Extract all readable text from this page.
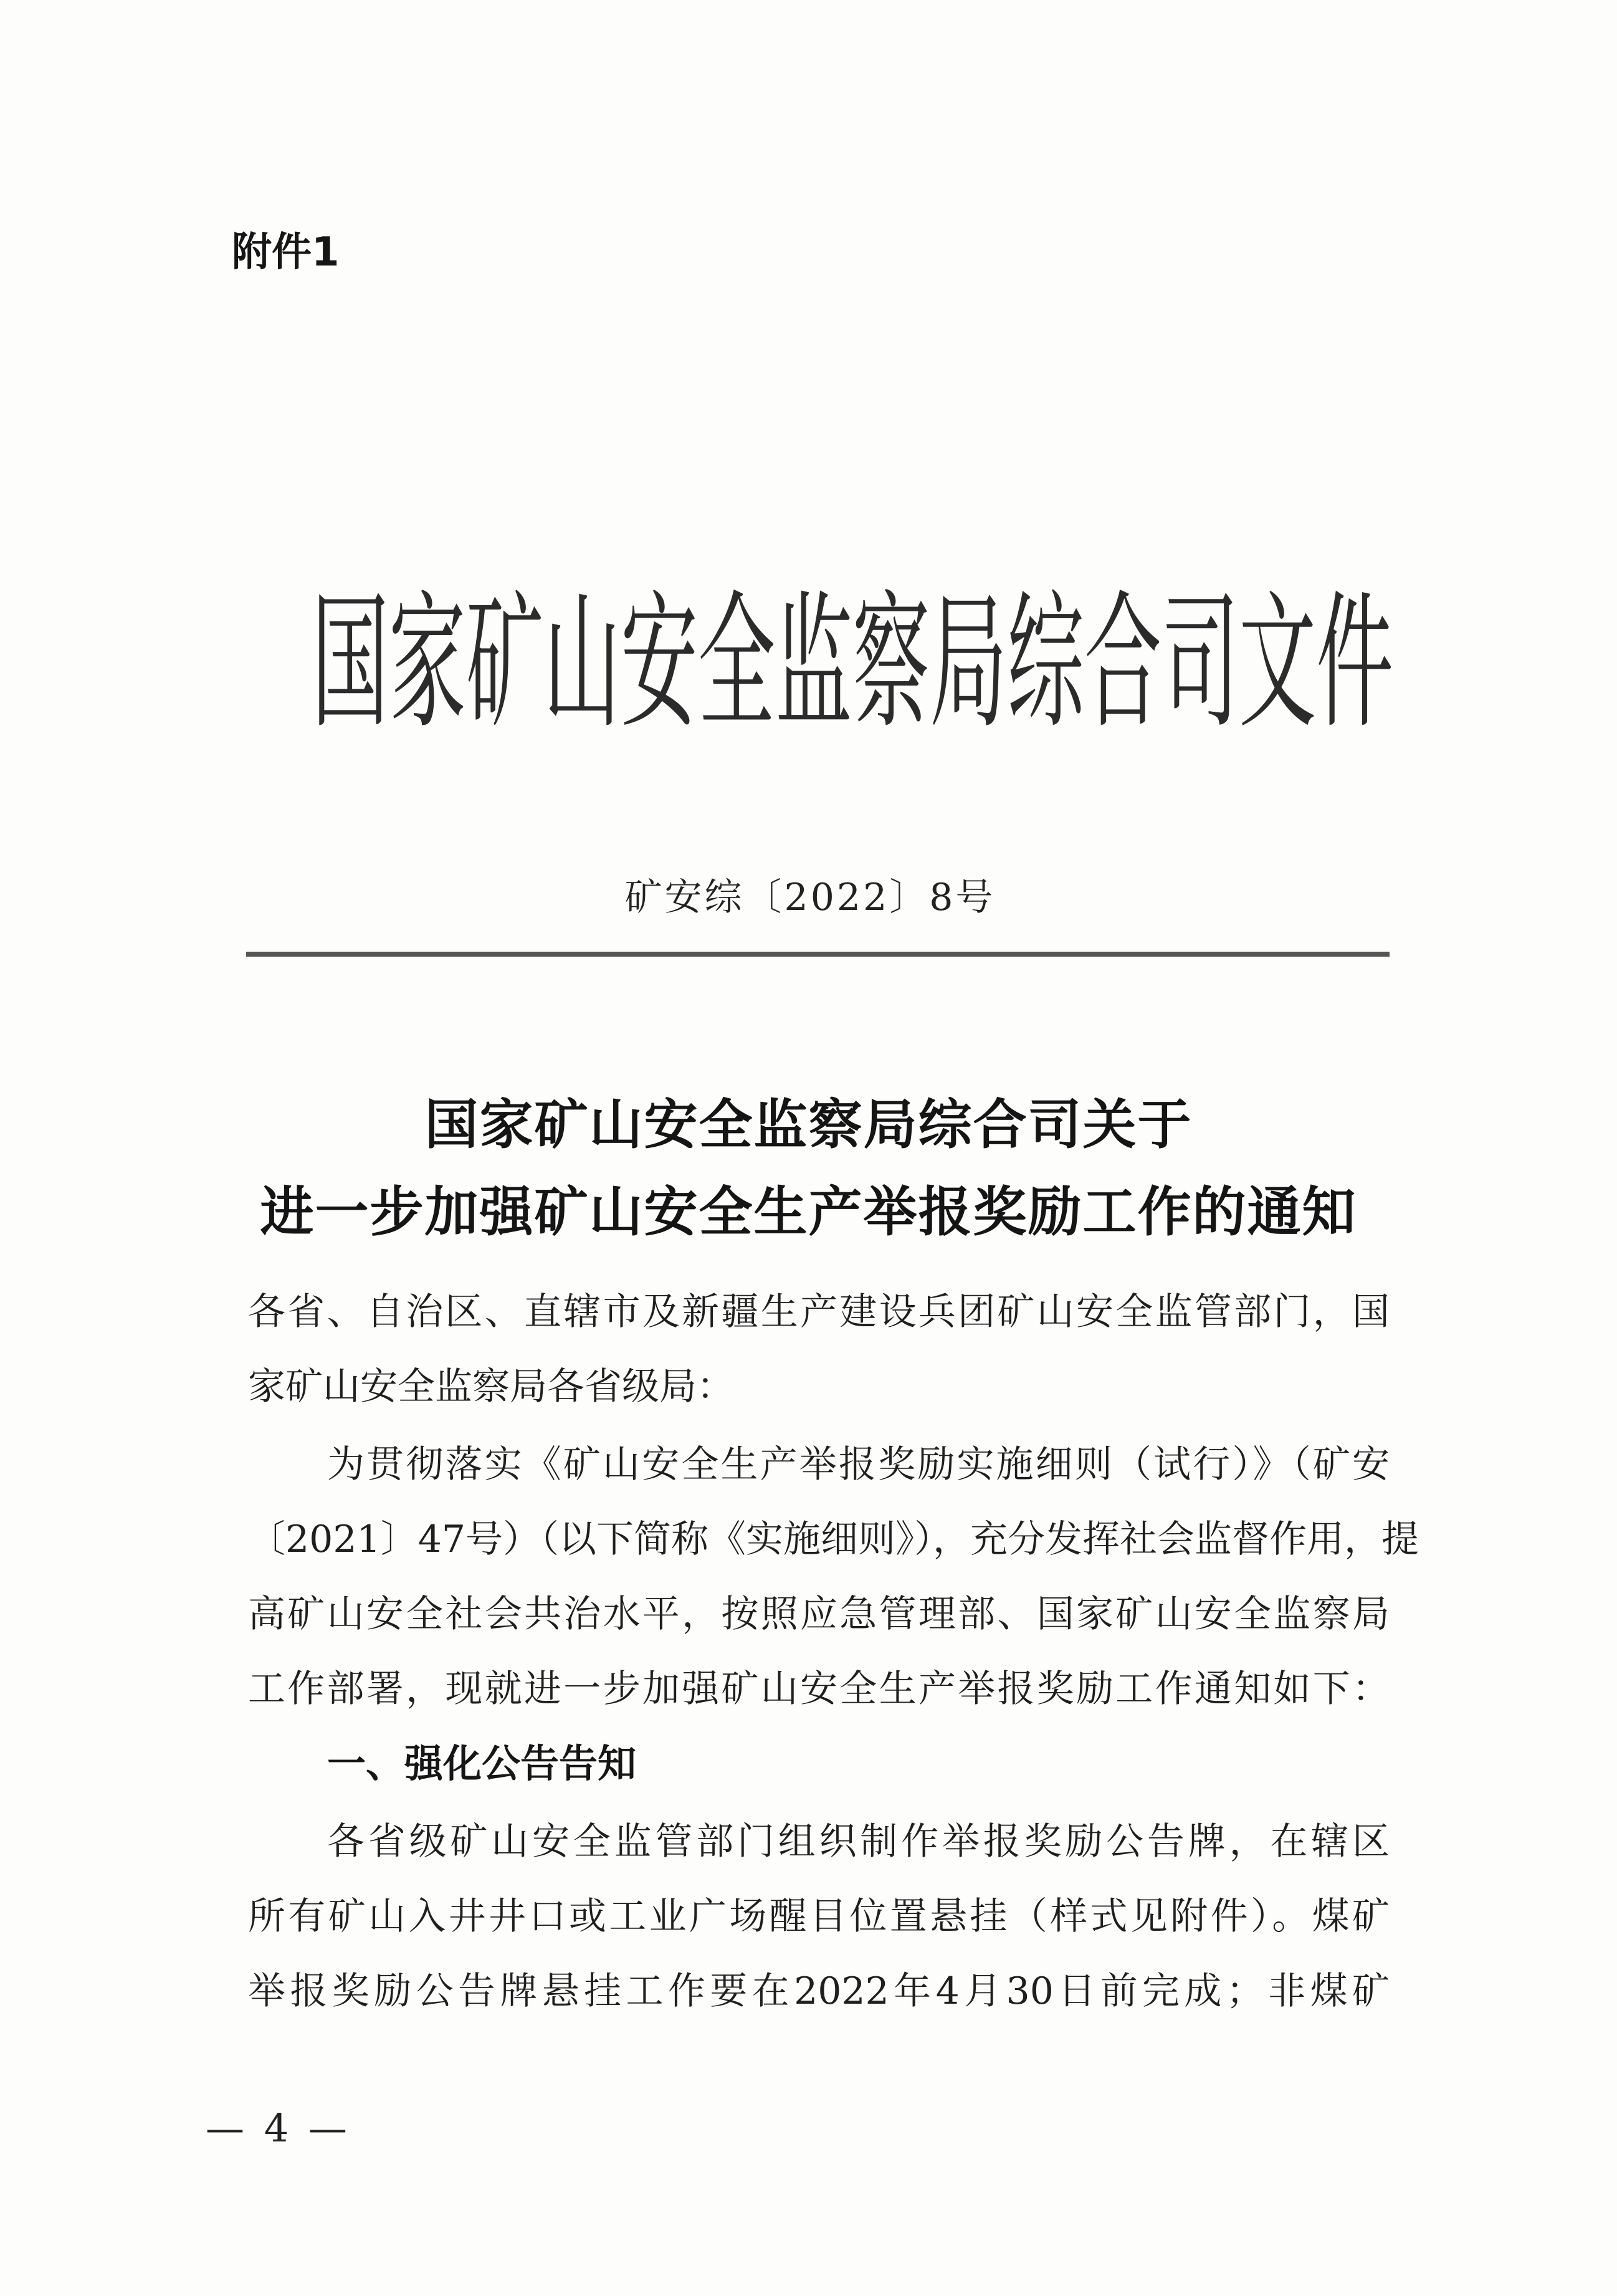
附件1

国 家 矿 山 安 全 监 察 局 综 合 司 文 件

矿安综〔2022〕8号

国家矿山安全监察局综合司关于

进一步加强矿山安全生产举报奖励工作的通知

各省、自治区、直辖市及新疆生产建设兵团矿山安全监管部门，国

家矿山安全监察局各省级局：

为贯彻落实《矿山安全生产举报奖励实施细则（试行）》（矿安

〔2021〕47号）（以下简称《实施细则》），充分发挥社会监督作用，提

高矿山安全社会共治水平，按照应急管理部、国家矿山安全监察局

工作部署，现就进一步加强矿山安全生产举报奖励工作通知如下：

一、强化公告告知

各省级矿山安全监管部门组织制作举报奖励公告牌，在辖区

所有矿山入井井口或工业广场醒目位置悬挂（样式见附件）。煤矿

举报奖励公告牌悬挂工作要在2022年4月30日前完成；非煤矿

— 4 —
